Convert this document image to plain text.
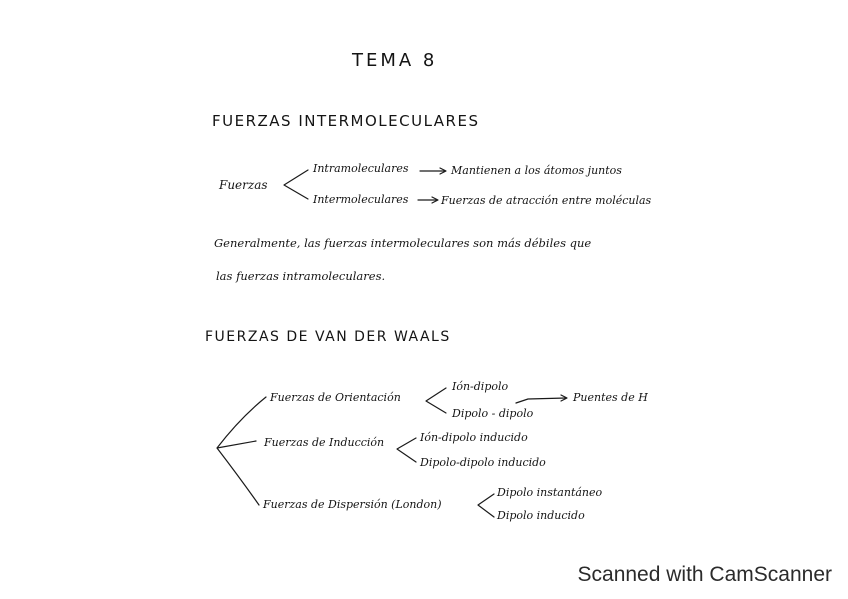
TEMA 8
FUERZAS INTERMOLECULARES
Fuerzas
Intramoleculares	Mantienen a los átomos juntos
Intermoleculares	Fuerzas de atracción entre moléculas
Generalmente, las fuerzas intermoleculares son más débiles que
las fuerzas intramoleculares.
FUERZAS DE VAN DER WAALS
Fuerzas de Orientación
Ión-dipolo
Dipolo - dipolo
Puentes de H
Fuerzas de Inducción	Ión-dipolo inducido
Dipolo-dipolo inducido
Fuerzas de Dispersión (London)
Dipolo instantáneo
Dipolo inducido
Scanned with CamScanner
